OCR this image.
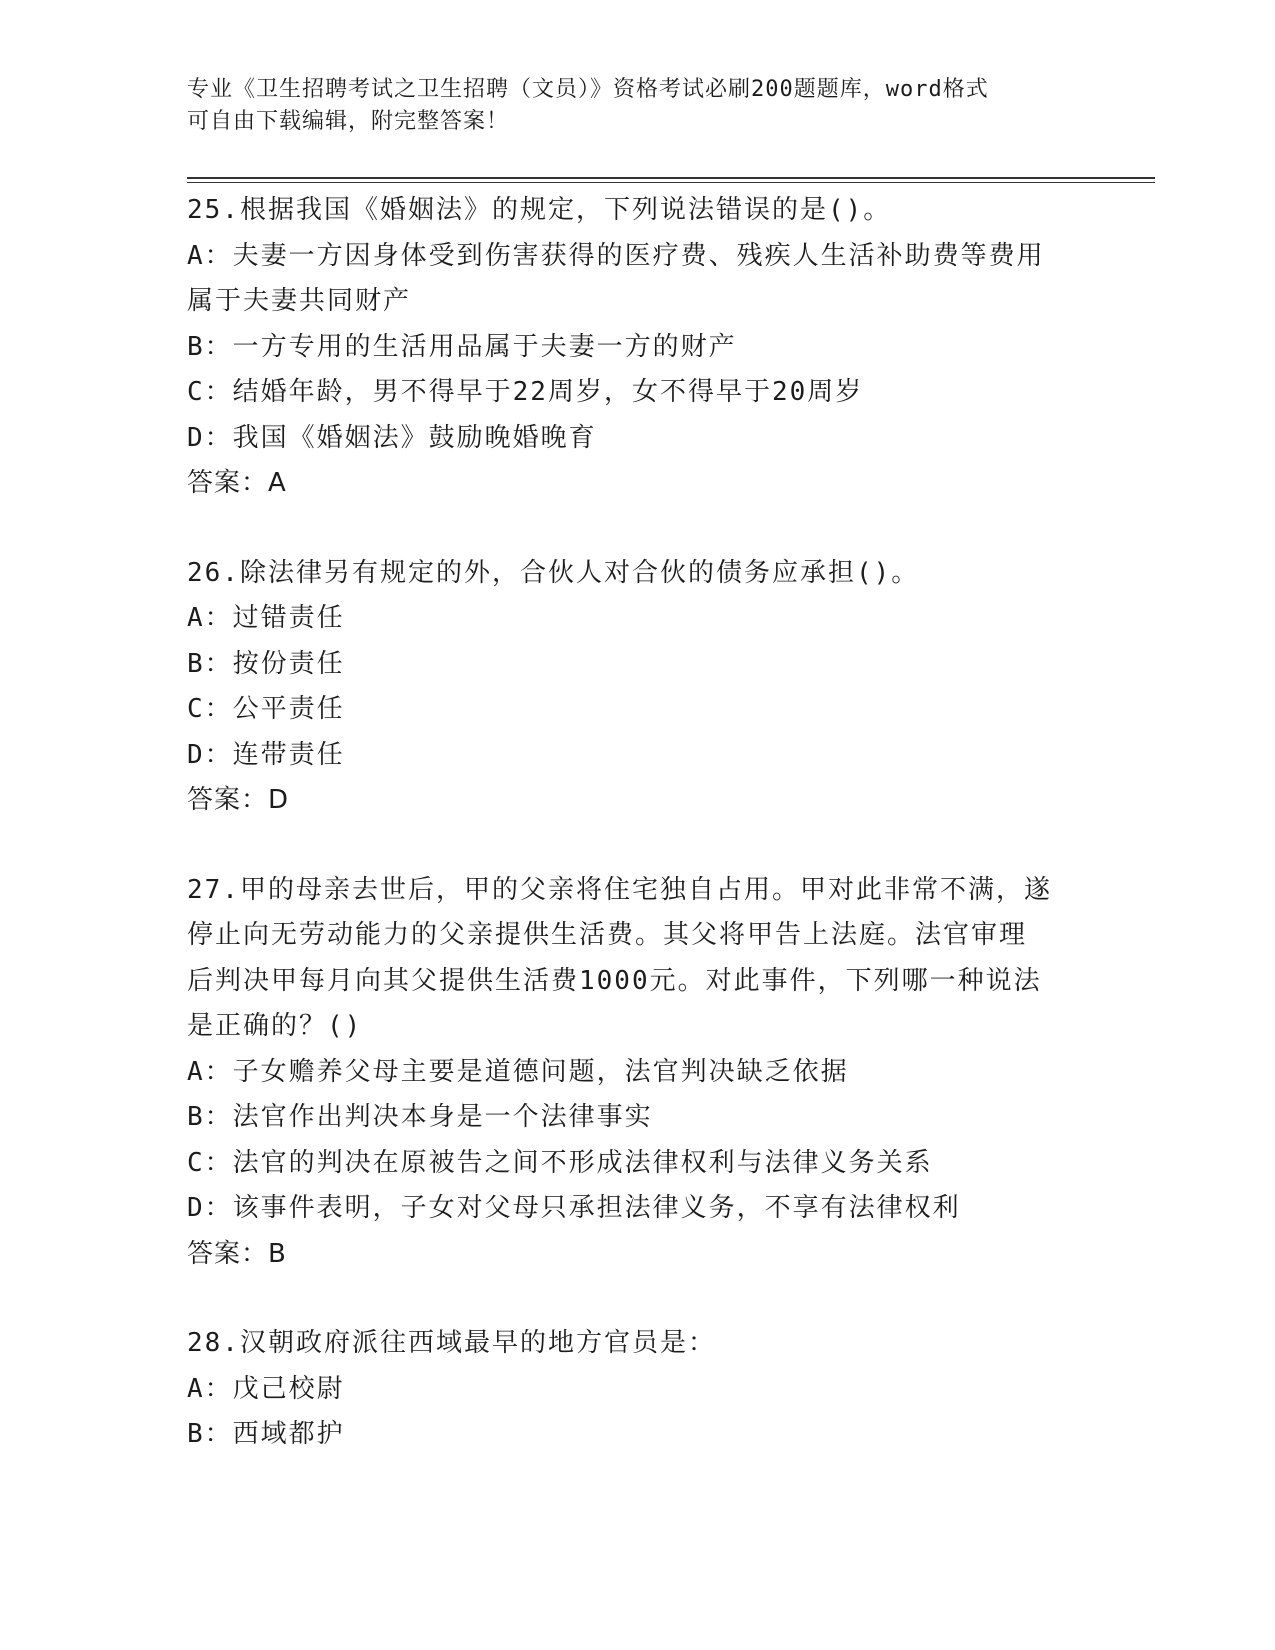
专业《卫生招聘考试之卫生招聘（文员）》资格考试必刷200题题库，word格式
可自由下载编辑，附完整答案！
25.根据我国《婚姻法》的规定，下列说法错误的是()。
A：夫妻一方因身体受到伤害获得的医疗费、残疾人生活补助费等费用
属于夫妻共同财产
B：一方专用的生活用品属于夫妻一方的财产
C：结婚年龄，男不得早于22周岁，女不得早于20周岁
D：我国《婚姻法》鼓励晚婚晚育
答案：A
26.除法律另有规定的外，合伙人对合伙的债务应承担()。
A：过错责任
B：按份责任
C：公平责任
D：连带责任
答案：D
27.甲的母亲去世后，甲的父亲将住宅独自占用。甲对此非常不满，遂
停止向无劳动能力的父亲提供生活费。其父将甲告上法庭。法官审理
后判决甲每月向其父提供生活费1000元。对此事件，下列哪一种说法
是正确的？()
A：子女赡养父母主要是道德问题，法官判决缺乏依据
B：法官作出判决本身是一个法律事实
C：法官的判决在原被告之间不形成法律权利与法律义务关系
D：该事件表明，子女对父母只承担法律义务，不享有法律权利
答案：B
28.汉朝政府派往西域最早的地方官员是：
A：戊己校尉
B：西域都护
